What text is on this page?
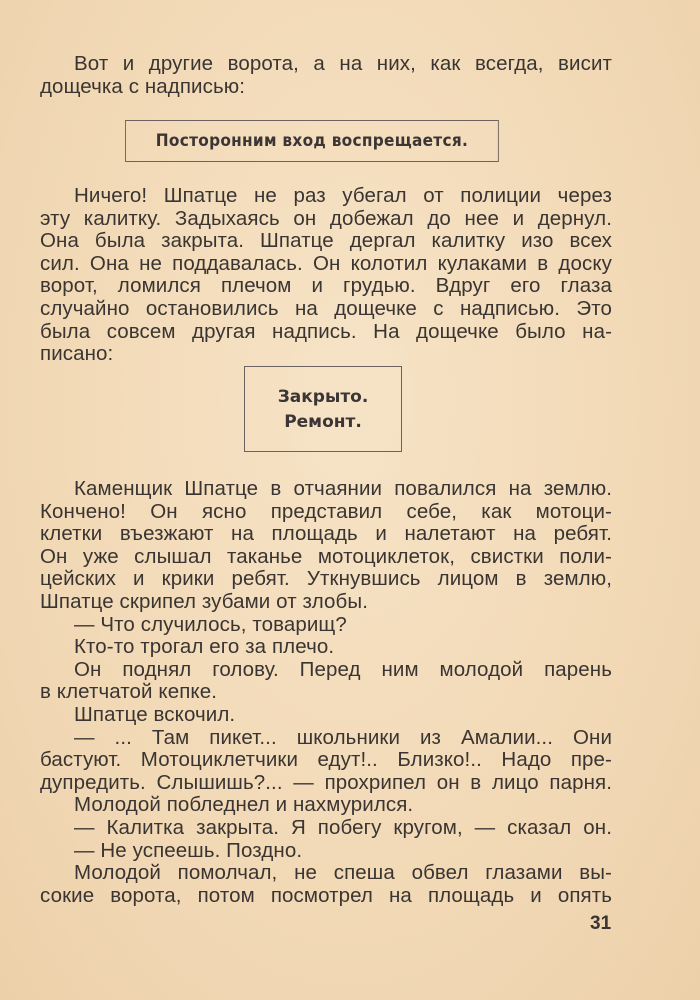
Вот и другие ворота, а на них, как всегда, висит
дощечка с надписью:
Посторонним вход воспрещается.
Ничего! Шпатце не раз убегал от полиции через
эту калитку. Задыхаясь он добежал до нее и дернул.
Она была закрыта. Шпатце дергал калитку изо всех
сил. Она не поддавалась. Он колотил кулаками в доску
ворот, ломился плечом и грудью. Вдруг его глаза
случайно остановились на дощечке с надписью. Это
была совсем другая надпись. На дощечке было на-
писано:
Закрыто.
Ремонт.
Каменщик Шпатце в отчаянии повалился на землю.
Кончено! Он ясно представил себе, как мотоци-
клетки въезжают на площадь и налетают на ребят.
Он уже слышал таканье мотоциклеток, свистки поли-
цейских и крики ребят. Уткнувшись лицом в землю,
Шпатце скрипел зубами от злобы.
— Что случилось, товарищ?
Кто-то трогал его за плечо.
Он поднял голову. Перед ним молодой парень
в клетчатой кепке.
Шпатце вскочил.
— ... Там пикет... школьники из Амалии... Они
бастуют. Мотоциклетчики едут!.. Близко!.. Надо пре-
дупредить. Слышишь?... — прохрипел он в лицо парня.
Молодой побледнел и нахмурился.
— Калитка закрыта. Я побегу кругом, — сказал он.
— Не успеешь. Поздно.
Молодой помолчал, не спеша обвел глазами вы-
сокие ворота, потом посмотрел на площадь и опять
31
